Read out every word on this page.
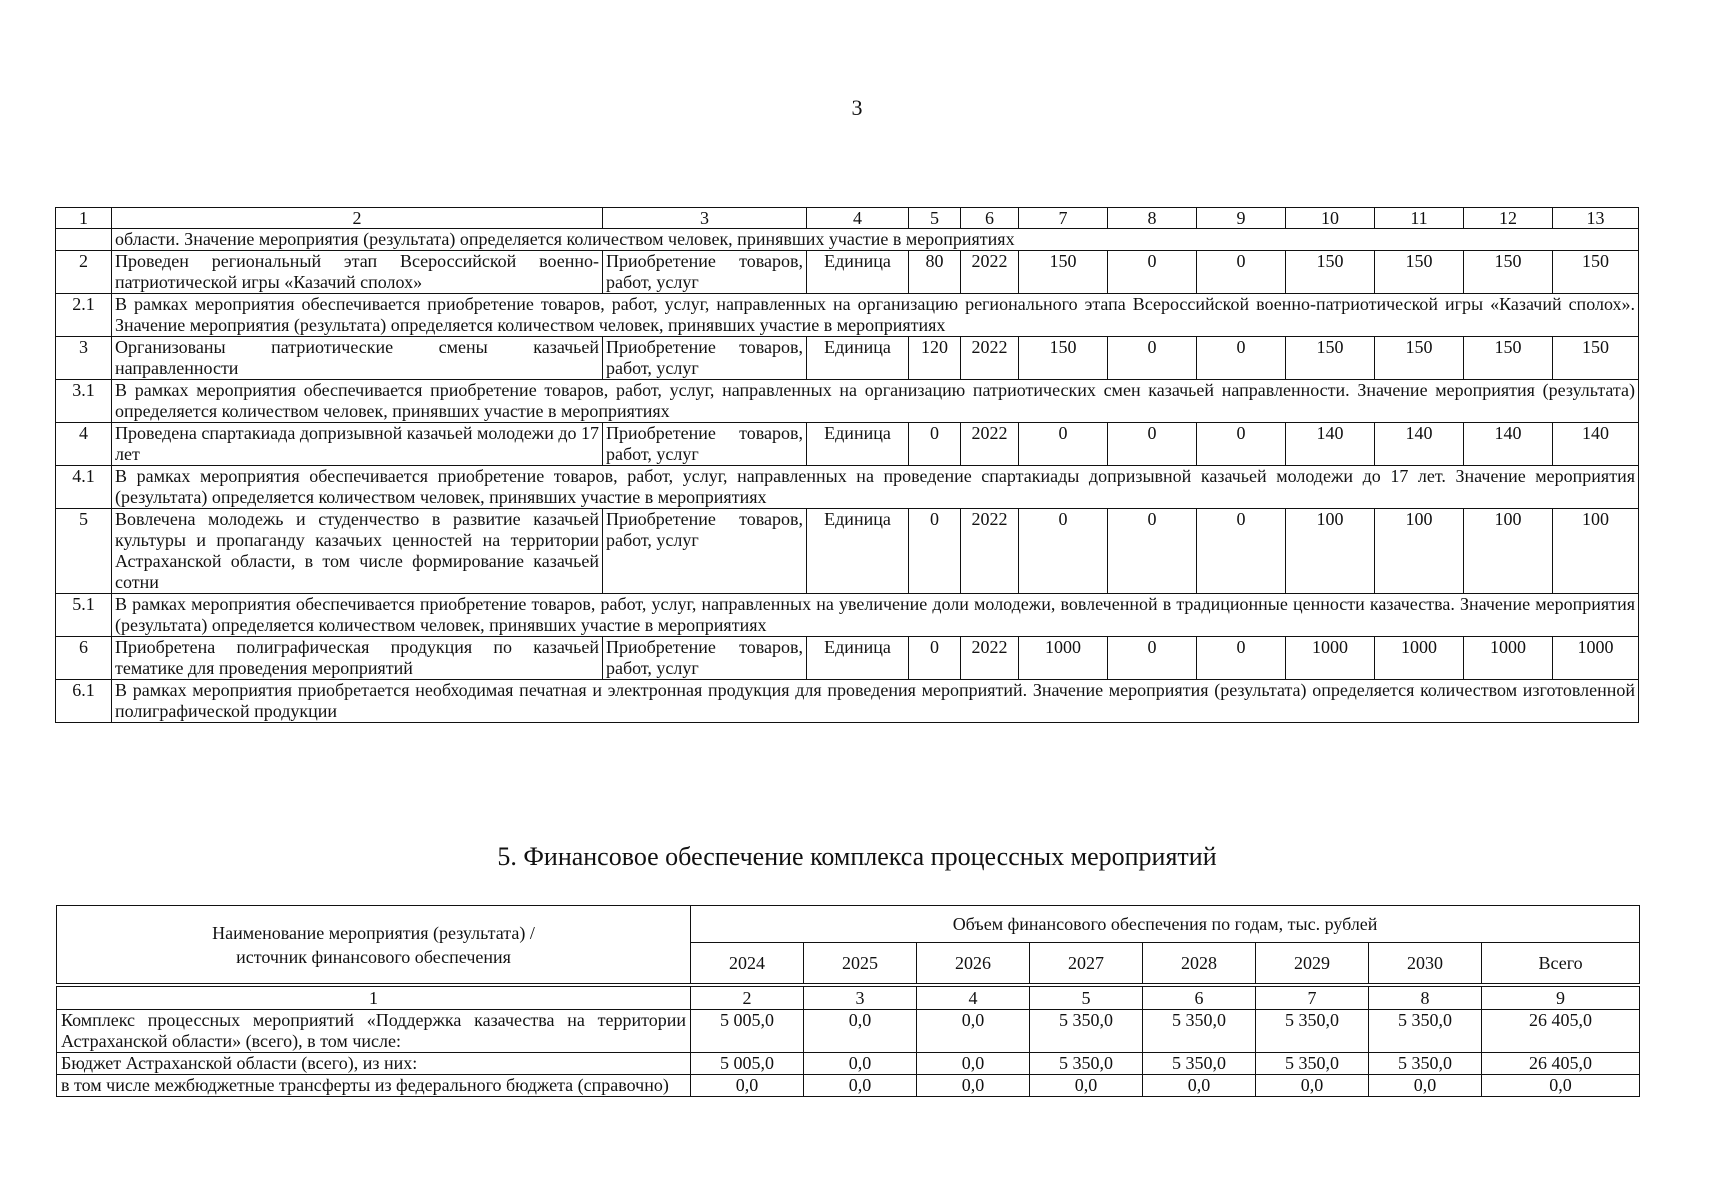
3
1	2	3	4	5	6	7	8	9	10	11	12	13
	области. Значение мероприятия (результата) определяется количеством человек, принявших участие в мероприятиях											
2	Проведен региональный этап Всероссийской военно-патриотической игры «Казачий сполох»	Приобретение товаров, работ, услуг	Единица	80	2022	150	0	0	150	150	150	150
2.1	В рамках мероприятия обеспечивается приобретение товаров, работ, услуг, направленных на организацию регионального этапа Всероссийской военно-патриотической игры «Казачий сполох». Значение мероприятия (результата) определяется количеством человек, принявших участие в мероприятиях											
3	Организованы патриотические смены казачьей направленности	Приобретение товаров, работ, услуг	Единица	120	2022	150	0	0	150	150	150	150
3.1	В рамках мероприятия обеспечивается приобретение товаров, работ, услуг, направленных на организацию патриотических смен казачьей направленности. Значение мероприятия (результата) определяется количеством человек, принявших участие в мероприятиях											
4	Проведена спартакиада допризывной казачьей молодежи до 17 лет	Приобретение товаров, работ, услуг	Единица	0	2022	0	0	0	140	140	140	140
4.1	В рамках мероприятия обеспечивается приобретение товаров, работ, услуг, направленных на проведение спартакиады допризывной казачьей молодежи до 17 лет. Значение мероприятия (результата) определяется количеством человек, принявших участие в мероприятиях											
5	Вовлечена молодежь и студенчество в развитие казачьей культуры и пропаганду казачьих ценностей на территории Астраханской области, в том числе формирование казачьей сотни	Приобретение товаров, работ, услуг	Единица	0	2022	0	0	0	100	100	100	100
5.1	В рамках мероприятия обеспечивается приобретение товаров, работ, услуг, направленных на увеличение доли молодежи, вовлеченной в традиционные ценности казачества. Значение мероприятия (результата) определяется количеством человек, принявших участие в мероприятиях											
6	Приобретена полиграфическая продукция по казачьей тематике для проведения мероприятий	Приобретение товаров, работ, услуг	Единица	0	2022	1000	0	0	1000	1000	1000	1000
6.1	В рамках мероприятия приобретается необходимая печатная и электронная продукция для проведения мероприятий. Значение мероприятия (результата) определяется количеством изготовленной полиграфической продукции											
5. Финансовое обеспечение комплекса процессных мероприятий
Наименование мероприятия (результата) / источник финансового обеспечения	Объем финансового обеспечения по годам, тыс. рублей							
	2024	2025	2026	2027	2028	2029	2030	Всего
1	2	3	4	5	6	7	8	9
Комплекс процессных мероприятий «Поддержка казачества на территории Астраханской области» (всего), в том числе:	5 005,0	0,0	0,0	5 350,0	5 350,0	5 350,0	5 350,0	26 405,0
Бюджет Астраханской области (всего), из них:	5 005,0	0,0	0,0	5 350,0	5 350,0	5 350,0	5 350,0	26 405,0
в том числе межбюджетные трансферты из федерального бюджета (справочно)	0,0	0,0	0,0	0,0	0,0	0,0	0,0	0,0
